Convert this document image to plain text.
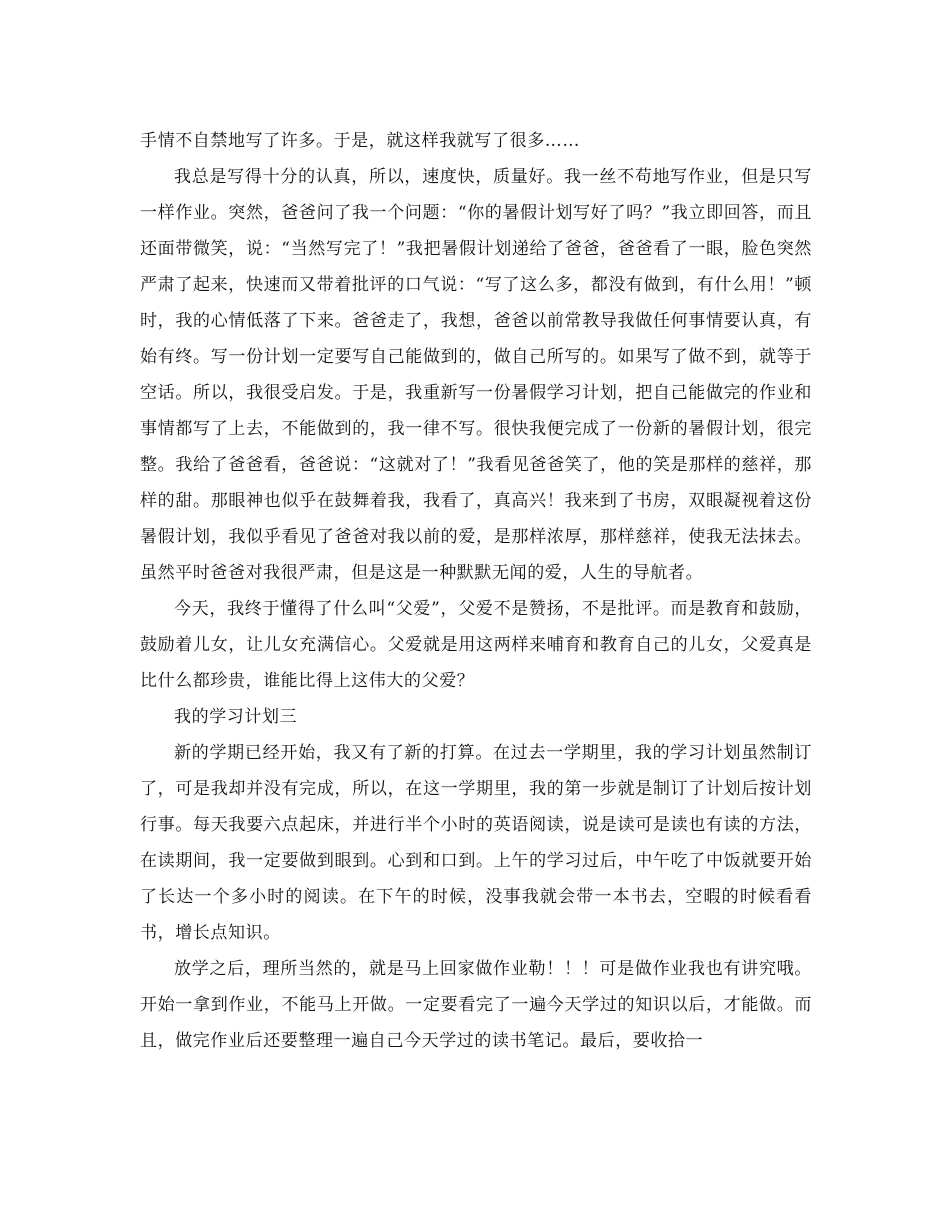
手情不自禁地写了许多。于是，就这样我就写了很多……

我总是写得十分的认真，所以，速度快，质量好。我一丝不苟地写作业，但是只写一样作业。突然，爸爸问了我一个问题：“你的暑假计划写好了吗？”我立即回答，而且还面带微笑，说：“当然写完了！”我把暑假计划递给了爸爸，爸爸看了一眼，脸色突然严肃了起来，快速而又带着批评的口气说：“写了这么多，都没有做到，有什么用！”顿时，我的心情低落了下来。爸爸走了，我想，爸爸以前常教导我做任何事情要认真，有始有终。写一份计划一定要写自己能做到的，做自己所写的。如果写了做不到，就等于空话。所以，我很受启发。于是，我重新写一份暑假学习计划，把自己能做完的作业和事情都写了上去，不能做到的，我一律不写。很快我便完成了一份新的暑假计划，很完整。我给了爸爸看，爸爸说：“这就对了！”我看见爸爸笑了，他的笑是那样的慈祥，那样的甜。那眼神也似乎在鼓舞着我，我看了，真高兴！我来到了书房，双眼凝视着这份暑假计划，我似乎看见了爸爸对我以前的爱，是那样浓厚，那样慈祥，使我无法抹去。虽然平时爸爸对我很严肃，但是这是一种默默无闻的爱，人生的导航者。

今天，我终于懂得了什么叫“父爱”，父爱不是赞扬，不是批评。而是教育和鼓励，鼓励着儿女，让儿女充满信心。父爱就是用这两样来哺育和教育自己的儿女，父爱真是比什么都珍贵，谁能比得上这伟大的父爱？

我的学习计划三

新的学期已经开始，我又有了新的打算。在过去一学期里，我的学习计划虽然制订了，可是我却并没有完成，所以，在这一学期里，我的第一步就是制订了计划后按计划行事。每天我要六点起床，并进行半个小时的英语阅读，说是读可是读也有读的方法，在读期间，我一定要做到眼到。心到和口到。上午的学习过后，中午吃了中饭就要开始了长达一个多小时的阅读。在下午的时候，没事我就会带一本书去，空暇的时候看看书，增长点知识。

放学之后，理所当然的，就是马上回家做作业勒！！！可是做作业我也有讲究哦。开始一拿到作业，不能马上开做。一定要看完了一遍今天学过的知识以后，才能做。而且，做完作业后还要整理一遍自己今天学过的读书笔记。最后，要收拾一
